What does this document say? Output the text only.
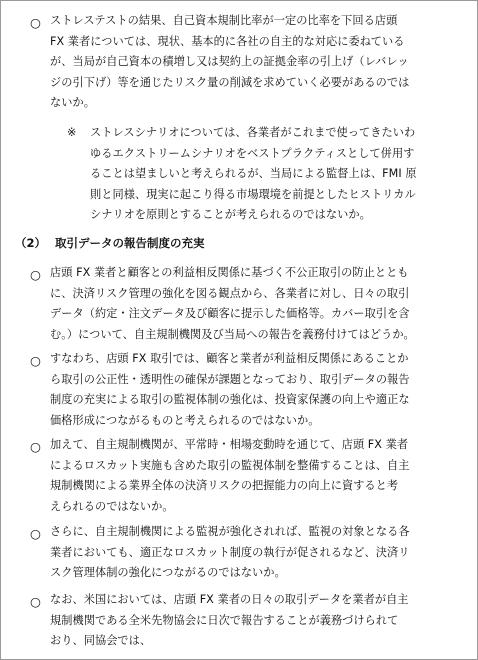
○ ストレステストの結果、自己資本規制比率が一定の比率を下回る店頭
FX 業者については、現状、基本的に各社の自主的な対応に委ねている
が、当局が自己資本の積増し又は契約上の証拠金率の引上げ（レバレッ
ジの引下げ）等を通じたリスク量の削減を求めていく必要があるのでは
ないか。

※ ストレスシナリオについては、各業者がこれまで使ってきたいわ
ゆるエクストリームシナリオをベストプラクティスとして併用す
ることは望ましいと考えられるが、当局による監督上は、FMI 原
則と同様、現実に起こり得る市場環境を前提としたヒストリカル
シナリオを原則とすることが考えられるのではないか。

（2） 取引データの報告制度の充実
○ 店頭 FX 業者と顧客との利益相反関係に基づく不公正取引の防止ととも
に、決済リスク管理の強化を図る観点から、各業者に対し、日々の取引
データ（約定・注文データ及び顧客に提示した価格等。カバー取引を含
む。）について、自主規制機関及び当局への報告を義務付けてはどうか。

○ すなわち、店頭 FX 取引では、顧客と業者が利益相反関係にあることか
ら取引の公正性・透明性の確保が課題となっており、取引データの報告
制度の充実による取引の監視体制の強化は、投資家保護の向上や適正な
価格形成につながるものと考えられるのではないか。

○ 加えて、自主規制機関が、平常時・相場変動時を通じて、店頭 FX 業者
によるロスカット実施も含めた取引の監視体制を整備することは、自主
規制機関による業界全体の決済リスクの把握能力の向上に資すると考
えられるのではないか。

○ さらに、自主規制機関による監視が強化されれば、監視の対象となる各
業者においても、適正なロスカット制度の執行が促されるなど、決済リ
スク管理体制の強化につながるのではないか。

○ なお、米国においては、店頭 FX 業者の日々の取引データを業者が自主
規制機関である全米先物協会に日次で報告することが義務づけられて
おり、同協会では、
